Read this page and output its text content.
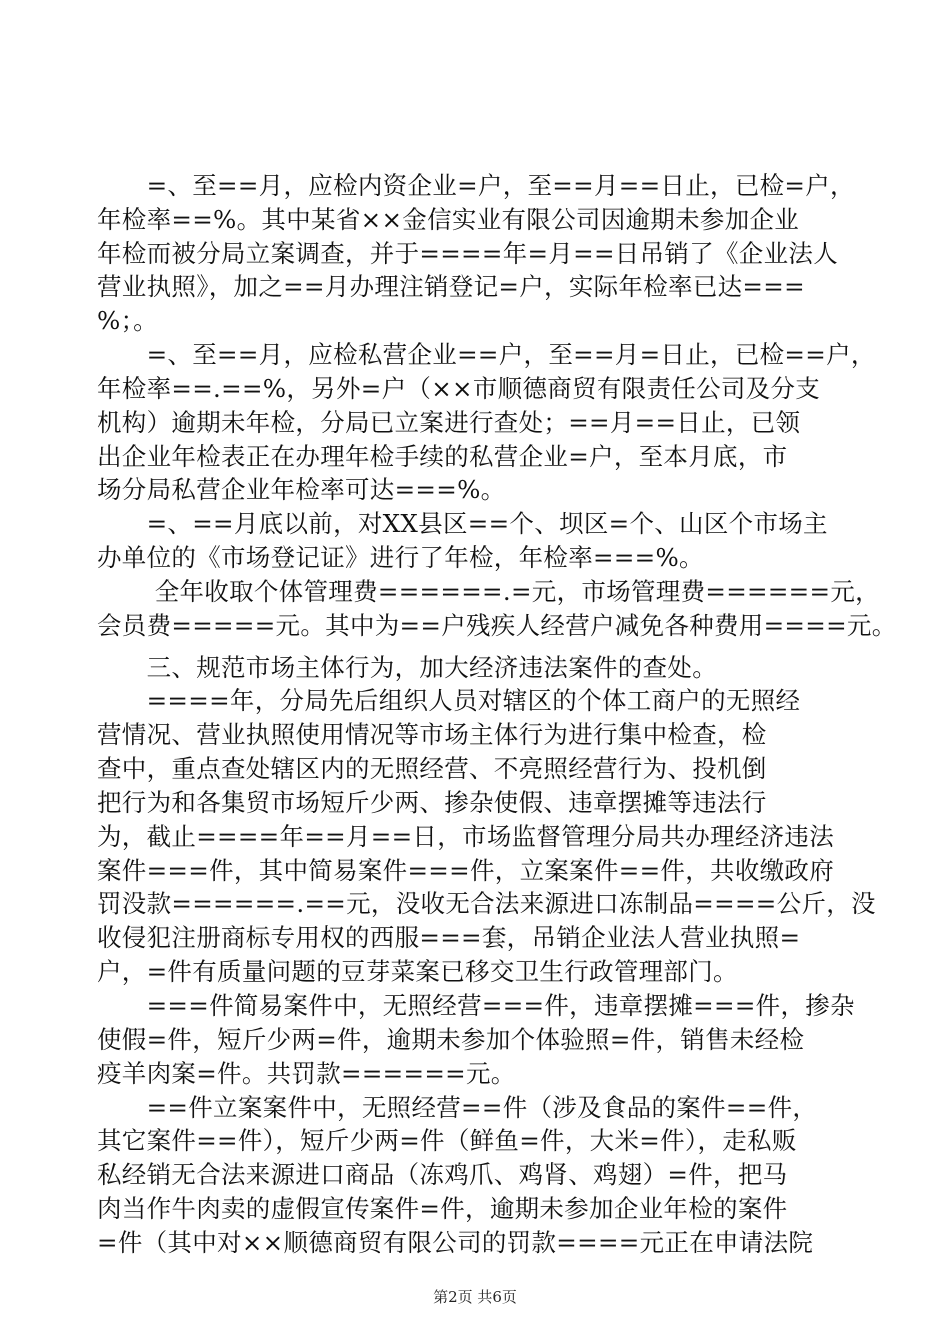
　　=、至==月，应检内资企业=户，至==月==日止，已检=户，

年检率==%。其中某省××金信实业有限公司因逾期未参加企业

年检而被分局立案调查，并于====年=月==日吊销了《企业法人

营业执照》，加之==月办理注销登记=户，实际年检率已达===

%；。

　　=、至==月，应检私营企业==户，至==月=日止，已检==户，

年检率==.==%，另外=户（××市顺德商贸有限责任公司及分支

机构）逾期未年检，分局已立案进行查处；==月==日止，已领

出企业年检表正在办理年检手续的私营企业=户，至本月底，市

场分局私营企业年检率可达===%。

　　=、==月底以前，对XX县区==个、坝区=个、山区个市场主

办单位的《市场登记证》进行了年检，年检率===%。

　　 全年收取个体管理费======.=元，市场管理费======元，

会员费=====元。其中为==户残疾人经营户减免各种费用====元。

　　三、规范市场主体行为，加大经济违法案件的查处。

　　====年，分局先后组织人员对辖区的个体工商户的无照经

营情况、营业执照使用情况等市场主体行为进行集中检查，检

查中，重点查处辖区内的无照经营、不亮照经营行为、投机倒

把行为和各集贸市场短斤少两、掺杂使假、违章摆摊等违法行

为，截止====年==月==日，市场监督管理分局共办理经济违法

案件===件，其中简易案件===件，立案案件==件，共收缴政府

罚没款======.==元，没收无合法来源进口冻制品====公斤，没

收侵犯注册商标专用权的西服===套，吊销企业法人营业执照=

户，=件有质量问题的豆芽菜案已移交卫生行政管理部门。

　　===件简易案件中，无照经营===件，违章摆摊===件，掺杂

使假=件，短斤少两=件，逾期未参加个体验照=件，销售未经检

疫羊肉案=件。共罚款======元。

　　==件立案案件中，无照经营==件（涉及食品的案件==件，

其它案件==件），短斤少两=件（鲜鱼=件，大米=件），走私贩

私经销无合法来源进口商品（冻鸡爪、鸡肾、鸡翅）=件，把马

肉当作牛肉卖的虚假宣传案件=件，逾期未参加企业年检的案件

=件（其中对××顺德商贸有限公司的罚款====元正在申请法院

第2页 共6页
